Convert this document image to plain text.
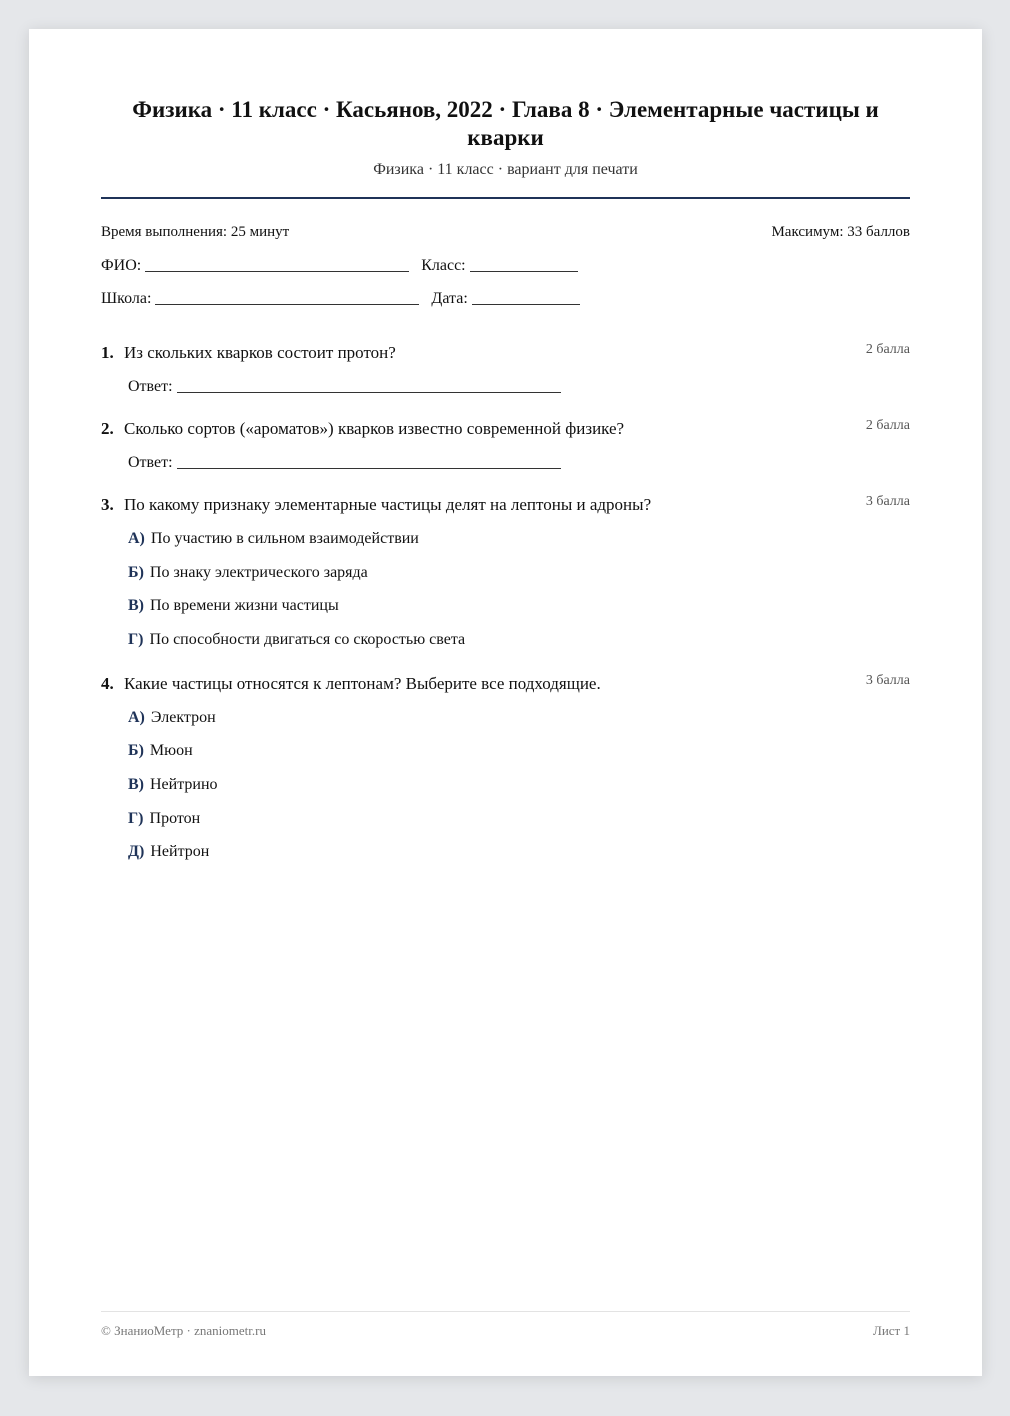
Физика · 11 класс · Касьянов, 2022 · Глава 8 · Элементарные частицы и кварки
Физика · 11 класс · вариант для печати
Время выполнения: 25 минут	Максимум: 33 баллов
ФИО:	Класс:
Школа:	Дата:
1. Из скольких кварков состоит протон?	2 балла
Ответ:
2. Сколько сортов («ароматов») кварков известно современной физике?	2 балла
Ответ:
3. По какому признаку элементарные частицы делят на лептоны и адроны?	3 балла
А) По участию в сильном взаимодействии
Б) По знаку электрического заряда
В) По времени жизни частицы
Г) По способности двигаться со скоростью света
4. Какие частицы относятся к лептонам? Выберите все подходящие.	3 балла
А) Электрон
Б) Мюон
В) Нейтрино
Г) Протон
Д) Нейтрон
© ЗнаниоМетр · znaniometr.ru	Лист 1
